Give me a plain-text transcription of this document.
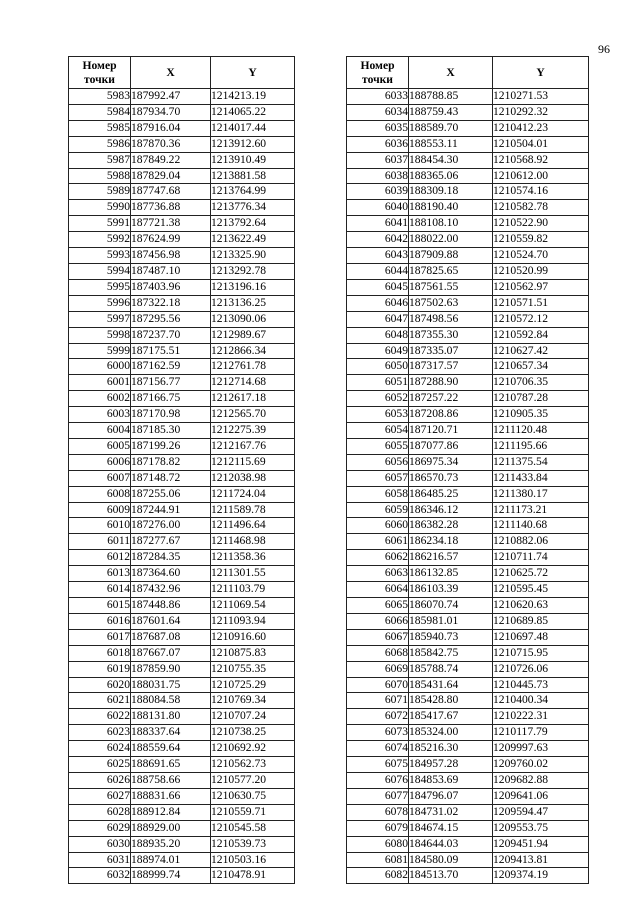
96
Номер
точки	X	Y
5983	187992.47	1214213.19
5984	187934.70	1214065.22
5985	187916.04	1214017.44
5986	187870.36	1213912.60
5987	187849.22	1213910.49
5988	187829.04	1213881.58
5989	187747.68	1213764.99
5990	187736.88	1213776.34
5991	187721.38	1213792.64
5992	187624.99	1213622.49
5993	187456.98	1213325.90
5994	187487.10	1213292.78
5995	187403.96	1213196.16
5996	187322.18	1213136.25
5997	187295.56	1213090.06
5998	187237.70	1212989.67
5999	187175.51	1212866.34
6000	187162.59	1212761.78
6001	187156.77	1212714.68
6002	187166.75	1212617.18
6003	187170.98	1212565.70
6004	187185.30	1212275.39
6005	187199.26	1212167.76
6006	187178.82	1212115.69
6007	187148.72	1212038.98
6008	187255.06	1211724.04
6009	187244.91	1211589.78
6010	187276.00	1211496.64
6011	187277.67	1211468.98
6012	187284.35	1211358.36
6013	187364.60	1211301.55
6014	187432.96	1211103.79
6015	187448.86	1211069.54
6016	187601.64	1211093.94
6017	187687.08	1210916.60
6018	187667.07	1210875.83
6019	187859.90	1210755.35
6020	188031.75	1210725.29
6021	188084.58	1210769.34
6022	188131.80	1210707.24
6023	188337.64	1210738.25
6024	188559.64	1210692.92
6025	188691.65	1210562.73
6026	188758.66	1210577.20
6027	188831.66	1210630.75
6028	188912.84	1210559.71
6029	188929.00	1210545.58
6030	188935.20	1210539.73
6031	188974.01	1210503.16
6032	188999.74	1210478.91
Номер
точки	X	Y
6033	188788.85	1210271.53
6034	188759.43	1210292.32
6035	188589.70	1210412.23
6036	188553.11	1210504.01
6037	188454.30	1210568.92
6038	188365.06	1210612.00
6039	188309.18	1210574.16
6040	188190.40	1210582.78
6041	188108.10	1210522.90
6042	188022.00	1210559.82
6043	187909.88	1210524.70
6044	187825.65	1210520.99
6045	187561.55	1210562.97
6046	187502.63	1210571.51
6047	187498.56	1210572.12
6048	187355.30	1210592.84
6049	187335.07	1210627.42
6050	187317.57	1210657.34
6051	187288.90	1210706.35
6052	187257.22	1210787.28
6053	187208.86	1210905.35
6054	187120.71	1211120.48
6055	187077.86	1211195.66
6056	186975.34	1211375.54
6057	186570.73	1211433.84
6058	186485.25	1211380.17
6059	186346.12	1211173.21
6060	186382.28	1211140.68
6061	186234.18	1210882.06
6062	186216.57	1210711.74
6063	186132.85	1210625.72
6064	186103.39	1210595.45
6065	186070.74	1210620.63
6066	185981.01	1210689.85
6067	185940.73	1210697.48
6068	185842.75	1210715.95
6069	185788.74	1210726.06
6070	185431.64	1210445.73
6071	185428.80	1210400.34
6072	185417.67	1210222.31
6073	185324.00	1210117.79
6074	185216.30	1209997.63
6075	184957.28	1209760.02
6076	184853.69	1209682.88
6077	184796.07	1209641.06
6078	184731.02	1209594.47
6079	184674.15	1209553.75
6080	184644.03	1209451.94
6081	184580.09	1209413.81
6082	184513.70	1209374.19
